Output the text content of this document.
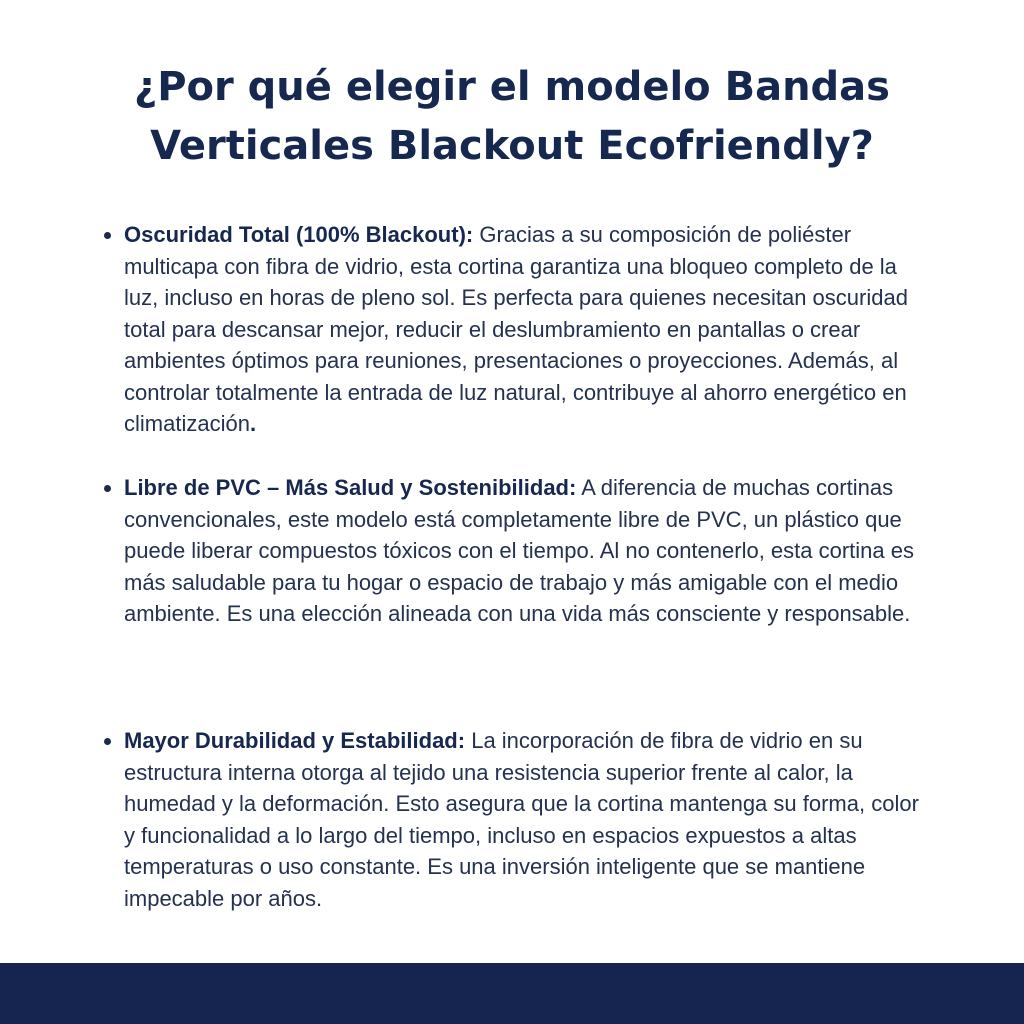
¿Por qué elegir el modelo Bandas
Verticales Blackout Ecofriendly?
Oscuridad Total (100% Blackout): Gracias a su composición de poliéster multicapa con fibra de vidrio, esta cortina garantiza una bloqueo completo de la luz, incluso en horas de pleno sol. Es perfecta para quienes necesitan oscuridad total para descansar mejor, reducir el deslumbramiento en pantallas o crear ambientes óptimos para reuniones, presentaciones o proyecciones. Además, al controlar totalmente la entrada de luz natural, contribuye al ahorro energético en climatización.
Libre de PVC – Más Salud y Sostenibilidad: A diferencia de muchas cortinas convencionales, este modelo está completamente libre de PVC, un plástico que puede liberar compuestos tóxicos con el tiempo. Al no contenerlo, esta cortina es más saludable para tu hogar o espacio de trabajo y más amigable con el medio ambiente. Es una elección alineada con una vida más consciente y responsable.
Mayor Durabilidad y Estabilidad: La incorporación de fibra de vidrio en su estructura interna otorga al tejido una resistencia superior frente al calor, la humedad y la deformación. Esto asegura que la cortina mantenga su forma, color y funcionalidad a lo largo del tiempo, incluso en espacios expuestos a altas temperaturas o uso constante. Es una inversión inteligente que se mantiene impecable por años.
